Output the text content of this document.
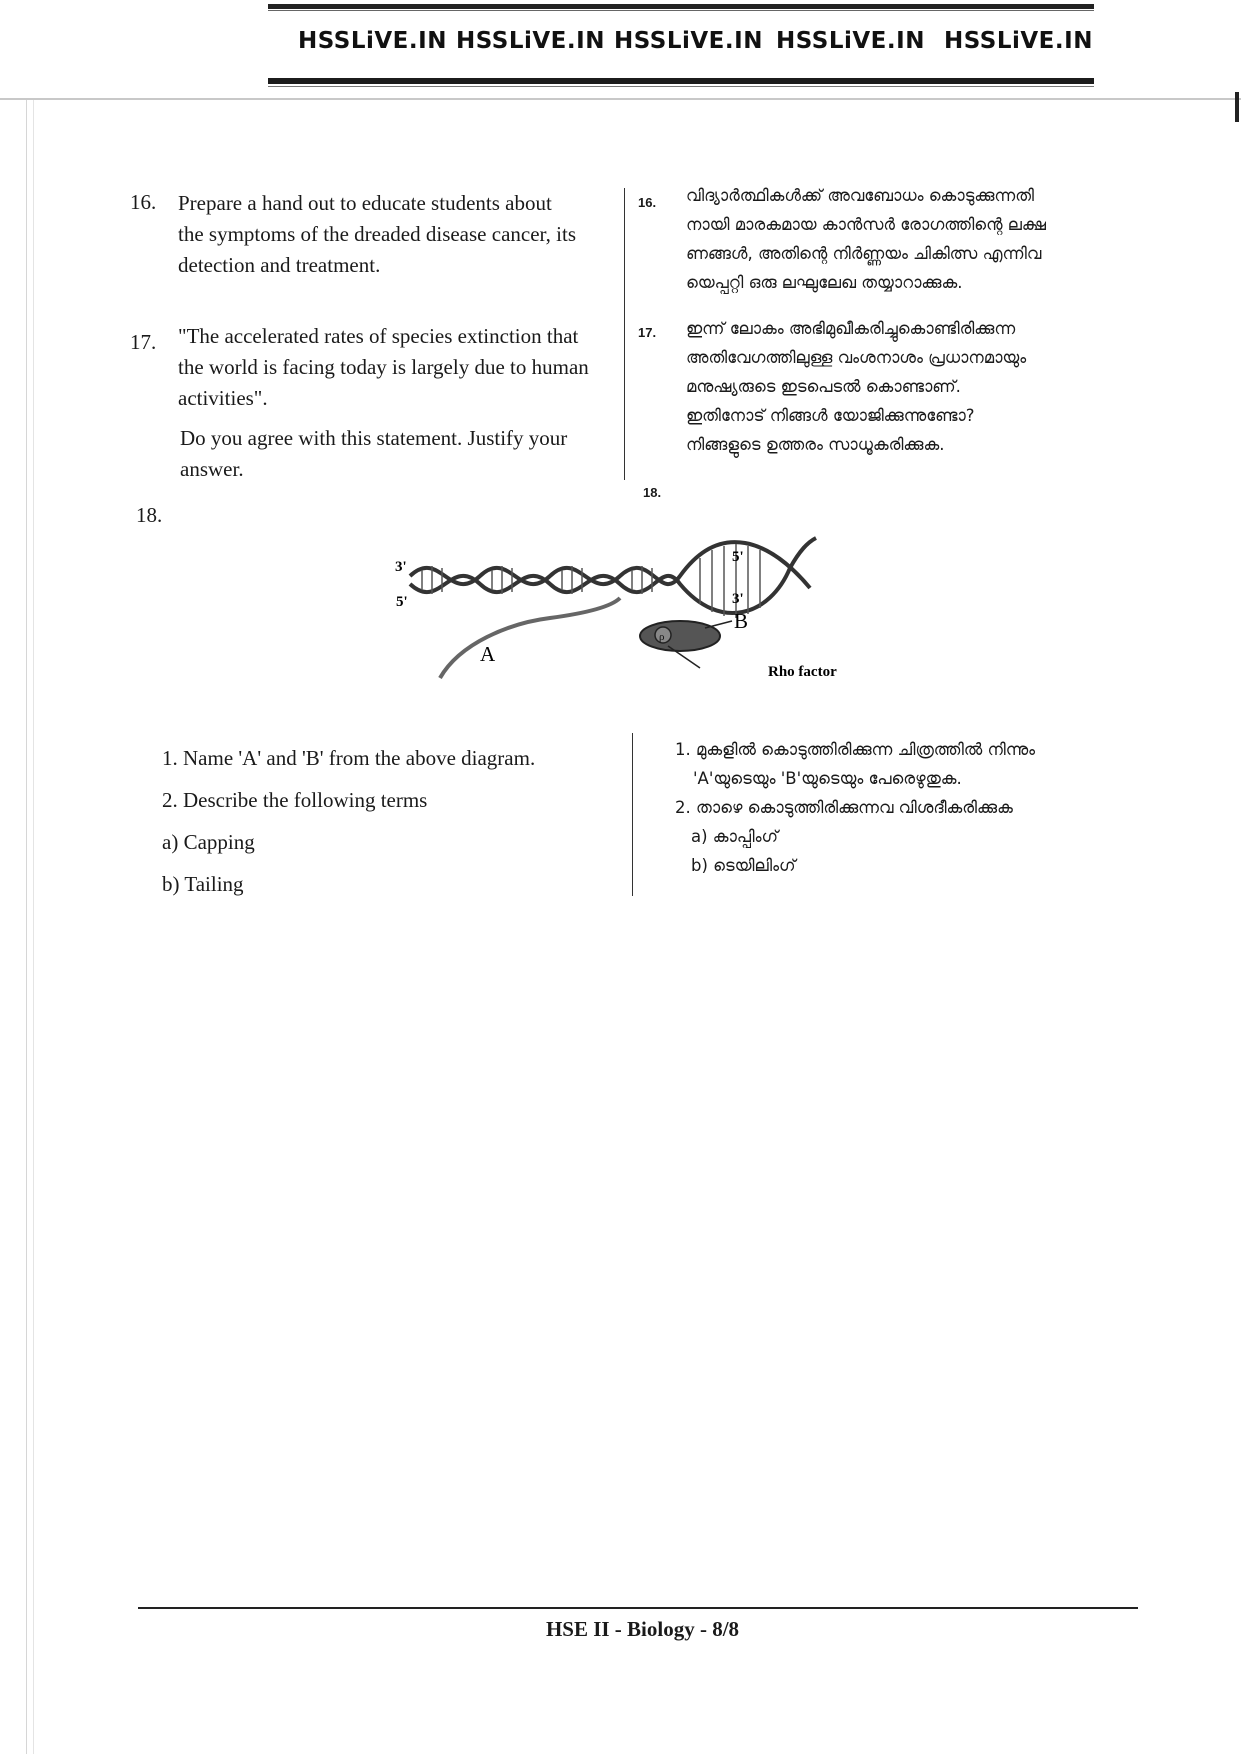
HSSLiVE.IN HSSLiVE.IN HSSLiVE.IN HSSLiVE.IN HSSLiVE.IN
16. Prepare a hand out to educate students about
the symptoms of the dreaded disease cancer, its
detection and treatment.
16. വിദ്യാർത്ഥികൾക്ക് അവബോധം കൊടുക്കുന്നതി
നായി മാരകമായ കാൻസർ രോഗത്തിന്റെ ലക്ഷ
ണങ്ങൾ, അതിന്റെ നിർണ്ണയം ചികിത്സ എന്നിവ
യെപ്പറ്റി ഒരു ലഘുലേഖ തയ്യാറാക്കുക.
17. "The accelerated rates of species extinction that
the world is facing today is largely due to human
activities".
Do you agree with this statement. Justify your
answer.
17. ഇന്ന് ലോകം അഭിമുഖീകരിച്ചുകൊണ്ടിരിക്കുന്ന
അതിവേഗത്തിലുള്ള വംശനാശം പ്രധാനമായും
മനുഷ്യരുടെ ഇടപെടൽ കൊണ്ടാണ്.
ഇതിനോട് നിങ്ങൾ യോജിക്കുന്നുണ്ടോ?
നിങ്ങളുടെ ഉത്തരം സാധൂകരിക്കുക.
18.
18.
ρ
3'
5'
5'
3'
A
B
Rho factor
1. Name 'A' and 'B' from the above diagram.
2. Describe the following terms
a) Capping
b) Tailing
1. മുകളിൽ കൊടുത്തിരിക്കുന്ന ചിത്രത്തിൽ നിന്നും
'A'യുടെയും 'B'യുടെയും പേരെഴുതുക.
2. താഴെ കൊടുത്തിരിക്കുന്നവ വിശദീകരിക്കുക
a) കാപ്പിംഗ്
b) ടെയിലിംഗ്
HSE II - Biology - 8/8
